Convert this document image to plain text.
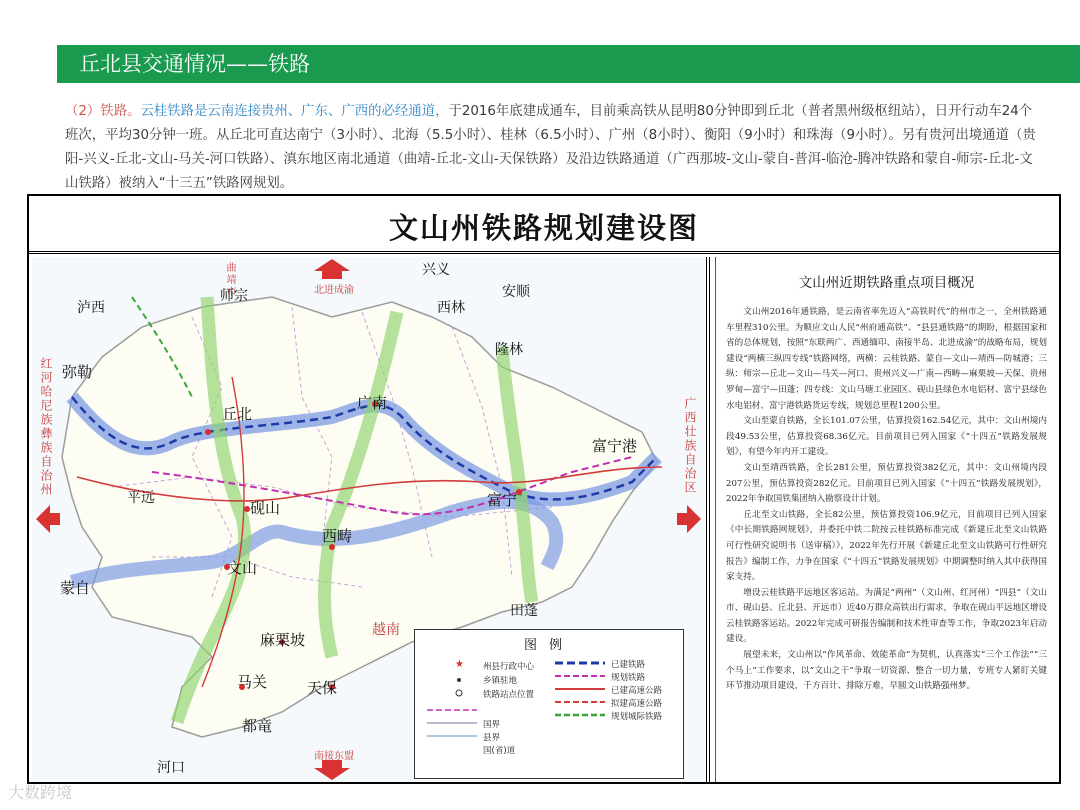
丘北县交通情况——铁路
（2）铁路。云桂铁路是云南连接贵州、广东、广西的必经通道，于2016年底建成通车，目前乘高铁从昆明80分钟即到丘北（普者黑州级枢纽站），日开行动车24个班次，平均30分钟一班。从丘北可直达南宁（3小时）、北海（5.5小时）、桂林（6.5小时）、广州（8小时）、衡阳（9小时）和珠海（9小时）。另有贵河出境通道（贵阳-兴义-丘北-文山-马关-河口铁路）、滇东地区南北通道（曲靖-丘北-文山-天保铁路）及沿边铁路通道（广西那坡-文山-蒙自-普洱-临沧-腾冲铁路和蒙自-师宗-丘北-文山铁路）被纳入“十三五”铁路网规划。
文山州铁路规划建设图
北进成渝
南接东盟
红河哈尼族彝族自治州	广西壮族自治区
曲靖市	兴义
泸西
师宗	安顺
西林
隆林
弥勒
丘北
广南
富宁港
平远
砚山
西畴
富宁
文山
蒙自
麻栗坡
田蓬
马关	天保
都竜
河口
越南
图例
★ 州县行政中心
乡镇驻地
铁路站点位置
国界
县界
国(省)道
已建铁路
规划铁路
已建高速公路
拟建高速公路
规划城际铁路
文山州近期铁路重点项目概况

文山州2016年通铁路，是云南省率先迈入“高铁时代”的州市之一，全州铁路通车里程310公里。为顺应文山人民“州府通高铁”、“县县通铁路”的期盼，根据国家和省的总体规划，按照“东联两广、西通缅印、南接半岛、北进成渝”的战略布局，规划建设“两横三纵四专线”铁路网络，两横：云桂铁路、蒙自—文山—靖西—防城港；三纵：师宗—丘北—文山—马关—河口、贵州兴义—广南—西畴—麻栗坡—天保、贵州罗甸—富宁—田蓬；四专线：文山马塘工业园区、砚山县绿色水电铝材、富宁县绿色水电铝材、富宁港铁路货运专线，规划总里程1200公里。

文山至蒙自铁路，全长101.07公里，估算投资162.54亿元，其中：文山州境内段49.53公里，估算投资68.36亿元。目前项目已列入国家《“十四五”铁路发展规划》，有望今年内开工建设。

文山至靖西铁路，全长281公里，预估算投资382亿元，其中：文山州境内段207公里，预估算投资282亿元。目前项目已列入国家《“十四五”铁路发展规划》，2022年争取国铁集团纳入勘察设计计划。

丘北至文山铁路，全长82公里，预估算投资106.9亿元，目前项目已列入国家《中长期铁路网规划》，并委托中铁二院按云桂铁路标准完成《新建丘北至文山铁路可行性研究说明书（送审稿）》，2022年先行开展《新建丘北至文山铁路可行性研究报告》编制工作，力争在国家《“十四五”铁路发展规划》中期调整时纳入其中获得国家支持。

增设云桂铁路平远地区客运站。为满足“两州”（文山州、红河州）“四县”（文山市、砚山县、丘北县、开远市）近40万群众高铁出行需求，争取在砚山平远地区增设云桂铁路客运站。2022年完成可研报告编制和技术性审查等工作，争取2023年启动建设。

展望未来，文山州以“作风革命、效能革命”为契机，认真落实“三个工作法”“三个马上”工作要求，以“文山之干”争取一切资源、整合一切力量，专班专人紧盯关键环节推动项目建设，千方百计、排除万难，早圆文山铁路强州梦。

大数跨境
